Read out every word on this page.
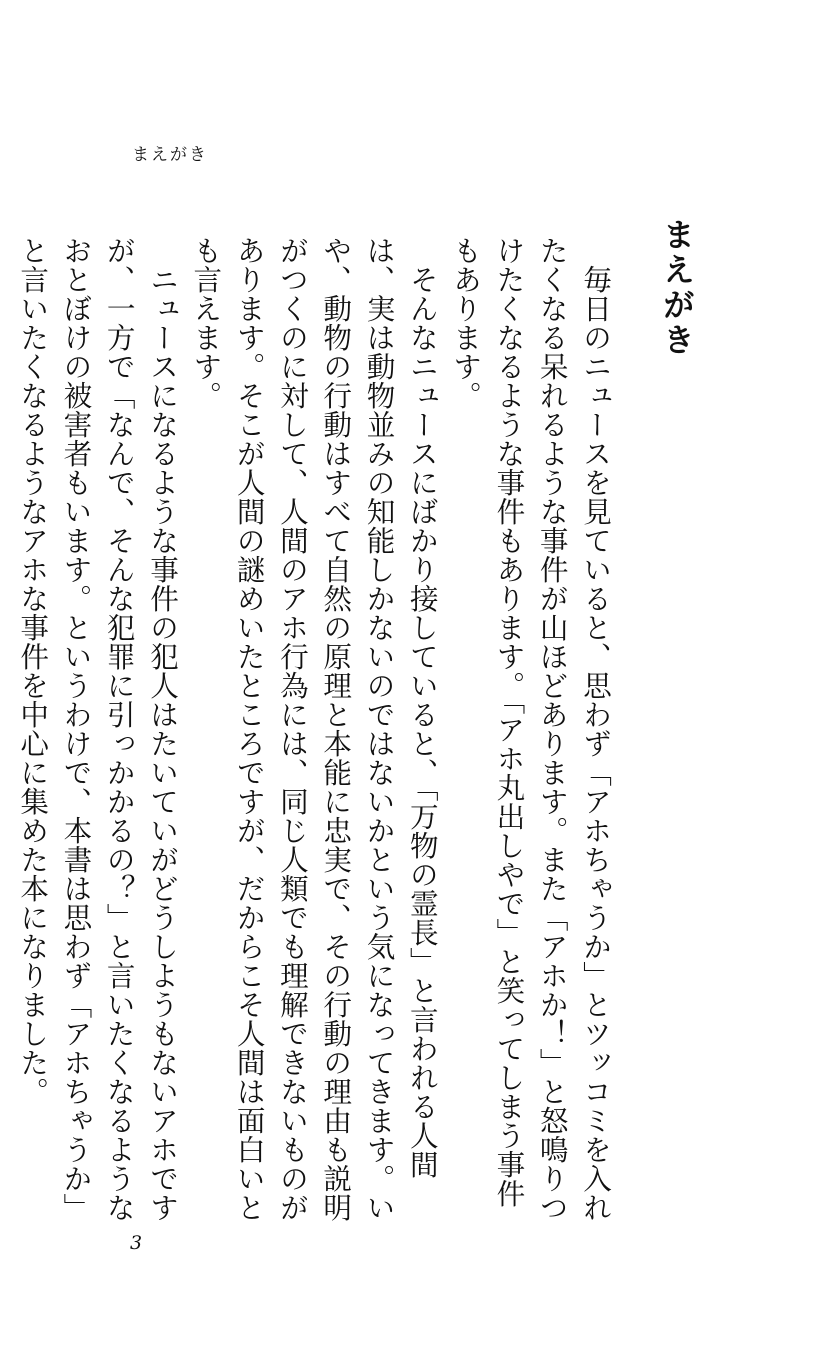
まえがき
まえがき

毎日のニュースを見ていると、思わず「アホちゃうか」とツッコミを入れたくなる呆れるような事件が山ほどあります。また「アホか！」と怒鳴りつけたくなるような事件もあります。「アホ丸出しやで」と笑ってしまう事件もあります。

そんなニュースにばかり接していると、「万物の霊長」と言われる人間は、実は動物並みの知能しかないのではないかという気になってきます。いや、動物の行動はすべて自然の原理と本能に忠実で、その行動の理由も説明がつくのに対して、人間のアホ行為には、同じ人類でも理解できないものがあります。そこが人間の謎めいたところですが、だからこそ人間は面白いとも言えます。

ニュースになるような事件の犯人はたいていがどうしようもないアホですが、一方で「なんで、そんな犯罪に引っかかるの？」と言いたくなるようなおとぼけの被害者もいます。というわけで、本書は思わず「アホちゃうか」と言いたくなるようなアホな事件を中心に集めた本になりました。

3
